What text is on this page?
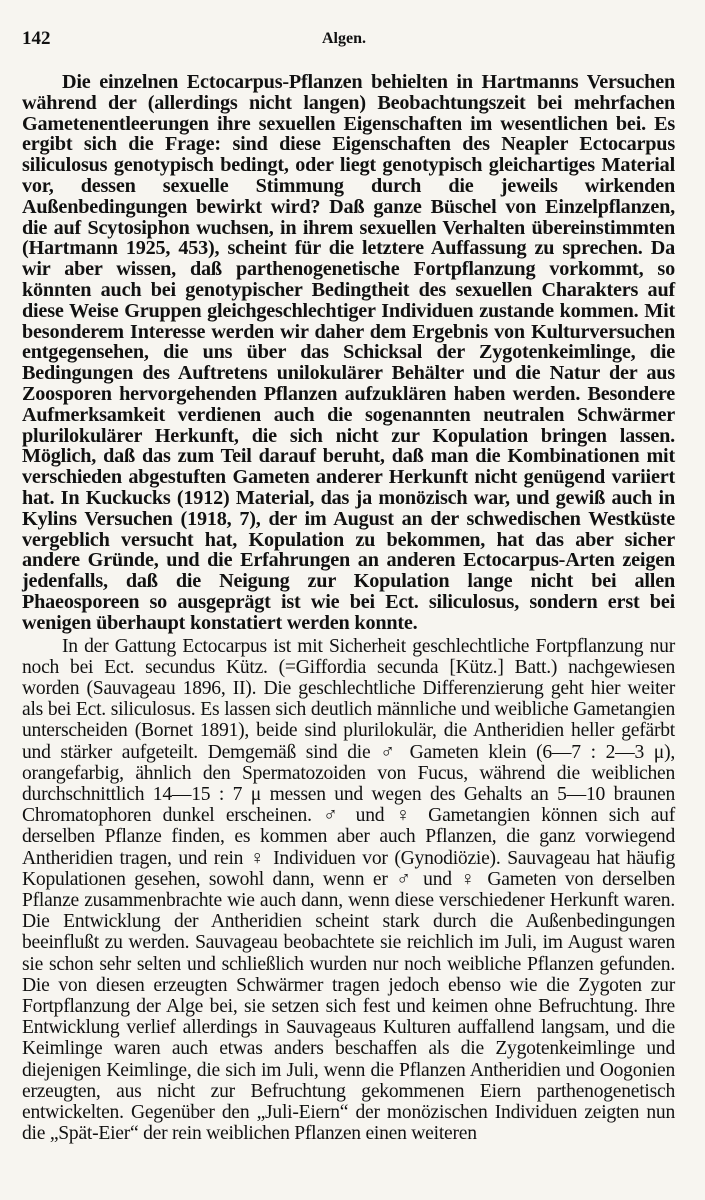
142	Algen.

Die einzelnen Ectocarpus-Pflanzen behielten in Hartmanns Versuchen während der (allerdings nicht langen) Beobachtungszeit bei mehrfachen Gametenentleerungen ihre sexuellen Eigenschaften im wesentlichen bei. Es ergibt sich die Frage: sind diese Eigenschaften des Neapler Ectocarpus siliculosus genotypisch bedingt, oder liegt genotypisch gleichartiges Material vor, dessen sexuelle Stimmung durch die jeweils wirkenden Außenbedingungen bewirkt wird? Daß ganze Büschel von Einzelpflanzen, die auf Scytosiphon wuchsen, in ihrem sexuellen Verhalten übereinstimmten (Hartmann 1925, 453), scheint für die letztere Auffassung zu sprechen. Da wir aber wissen, daß parthenogenetische Fortpflanzung vorkommt, so könnten auch bei genotypischer Bedingtheit des sexuellen Charakters auf diese Weise Gruppen gleichgeschlechtiger Individuen zustande kommen. Mit besonderem Interesse werden wir daher dem Ergebnis von Kulturversuchen entgegensehen, die uns über das Schicksal der Zygotenkeimlinge, die Bedingungen des Auftretens unilokulärer Behälter und die Natur der aus Zoosporen hervorgehenden Pflanzen aufzuklären haben werden. Besondere Aufmerksamkeit verdienen auch die sogenannten neutralen Schwärmer plurilokulärer Herkunft, die sich nicht zur Kopulation bringen lassen. Möglich, daß das zum Teil darauf beruht, daß man die Kombinationen mit verschieden abgestuften Gameten anderer Herkunft nicht genügend variiert hat. In Kuckucks (1912) Material, das ja monözisch war, und gewiß auch in Kylins Versuchen (1918, 7), der im August an der schwedischen Westküste vergeblich versucht hat, Kopulation zu bekommen, hat das aber sicher andere Gründe, und die Erfahrungen an anderen Ectocarpus-Arten zeigen jedenfalls, daß die Neigung zur Kopulation lange nicht bei allen Phaeosporeen so ausgeprägt ist wie bei Ect. siliculosus, sondern erst bei wenigen überhaupt konstatiert werden konnte.

In der Gattung Ectocarpus ist mit Sicherheit geschlechtliche Fortpflanzung nur noch bei Ect. secundus Kütz. (=Giffordia secunda [Kütz.] Batt.) nachgewiesen worden (Sauvageau 1896, II). Die geschlechtliche Differenzierung geht hier weiter als bei Ect. siliculosus. Es lassen sich deutlich männliche und weibliche Gametangien unterscheiden (Bornet 1891), beide sind plurilokulär, die Antheridien heller gefärbt und stärker aufgeteilt. Demgemäß sind die ♂ Gameten klein (6—7 : 2—3 μ), orangefarbig, ähnlich den Spermatozoiden von Fucus, während die weiblichen durchschnittlich 14—15 : 7 μ messen und wegen des Gehalts an 5—10 braunen Chromatophoren dunkel erscheinen. ♂ und ♀ Gametangien können sich auf derselben Pflanze finden, es kommen aber auch Pflanzen, die ganz vorwiegend Antheridien tragen, und rein ♀ Individuen vor (Gynodiözie). Sauvageau hat häufig Kopulationen gesehen, sowohl dann, wenn er ♂ und ♀ Gameten von derselben Pflanze zusammenbrachte wie auch dann, wenn diese verschiedener Herkunft waren. Die Entwicklung der Antheridien scheint stark durch die Außenbedingungen beeinflußt zu werden. Sauvageau beobachtete sie reichlich im Juli, im August waren sie schon sehr selten und schließlich wurden nur noch weibliche Pflanzen gefunden. Die von diesen erzeugten Schwärmer tragen jedoch ebenso wie die Zygoten zur Fortpflanzung der Alge bei, sie setzen sich fest und keimen ohne Befruchtung. Ihre Entwicklung verlief allerdings in Sauvageaus Kulturen auffallend langsam, und die Keimlinge waren auch etwas anders beschaffen als die Zygotenkeimlinge und diejenigen Keimlinge, die sich im Juli, wenn die Pflanzen Antheridien und Oogonien erzeugten, aus nicht zur Befruchtung gekommenen Eiern parthenogenetisch entwickelten. Gegenüber den „Juli-Eiern“ der monözischen Individuen zeigten nun die „Spät-Eier“ der rein weiblichen Pflanzen einen weiteren
